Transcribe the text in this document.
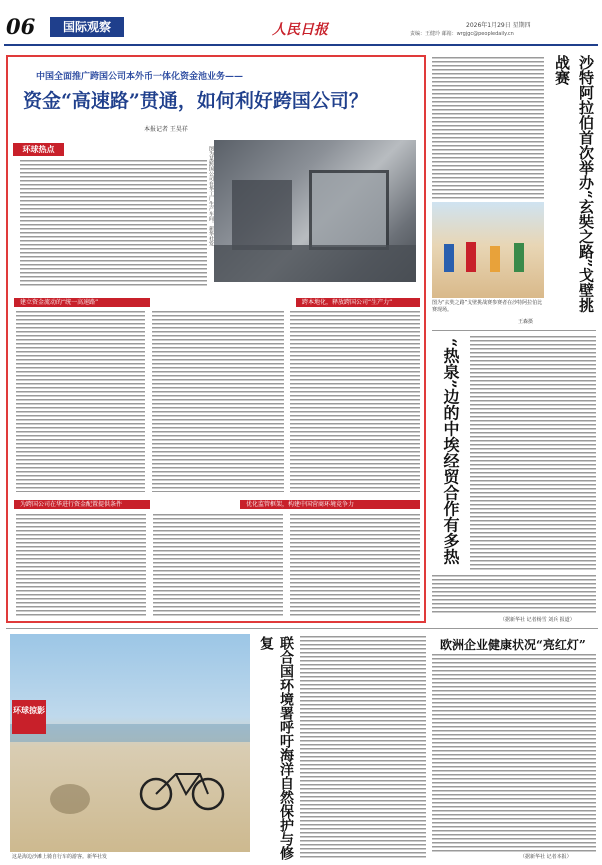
06	国际观察	人民日报	2026年1月29日 星期四
责编：王健玲 邮箱：wrgjgc@peopledaily.cn
中国全面推广跨国公司本外币一体化资金池业务——
资金“高速路”贯通，如何利好跨国公司？
本报记者 王昊祥
环球热点	图为某跨国公司在华工厂生产车间。新华社发
建立资金流动的“统一高速路”	跨本地化，释放跨国公司“生产力”
为跨国公司在华进行资金配置提供条件	优化监管框架，构建中国营商环境竞争力
沙特阿拉伯首次举办“玄奘之路”戈壁挑战赛
图为“玄奘之路”戈壁挑战赛参赛者在沙特阿拉伯比赛现场。
王森摄
“热泉”边的中埃经贸合作有多热
（据新华社 记者杨雪 刘兵 报道）
环球掠影
这是海边沙滩上骑自行车的游客。新华社发	联合国环境署呼吁海洋自然保护与修复	欧洲企业健康状况“亮红灯”
（据新华社 记者本报）
